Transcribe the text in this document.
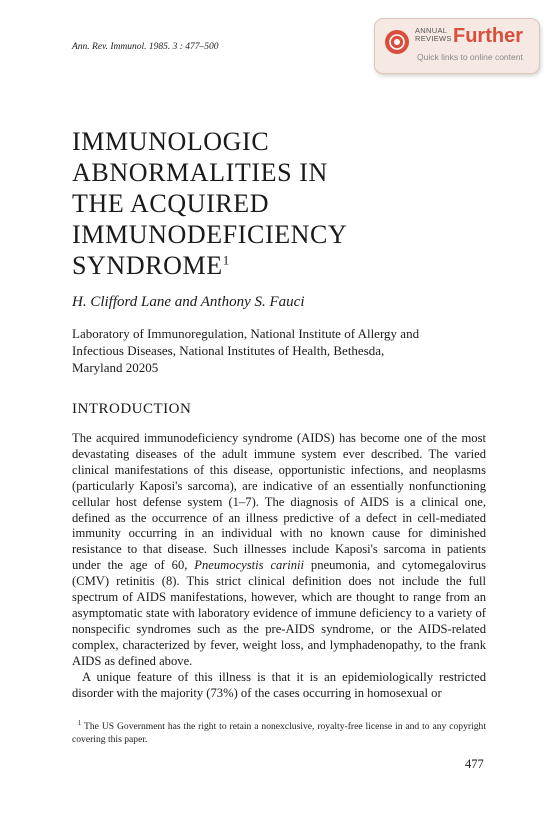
Ann. Rev. Immunol. 1985. 3 : 477–500
ANNUAL
REVIEWS Further
Quick links to online content
IMMUNOLOGIC
ABNORMALITIES IN
THE ACQUIRED
IMMUNODEFICIENCY
SYNDROME$^1$
H. Clifford Lane and Anthony S. Fauci
Laboratory of Immunoregulation, National Institute of Allergy and
Infectious Diseases, National Institutes of Health, Bethesda,
Maryland 20205
INTRODUCTION

The acquired immunodeficiency syndrome (AIDS) has become one of the most devastating diseases of the adult immune system ever described. The varied clinical manifestations of this disease, opportunistic infections, and neoplasms (particularly Kaposi's sarcoma), are indicative of an essentially nonfunctioning cellular host defense system (1–7). The diagnosis of AIDS is a clinical one, defined as the occurrence of an illness predictive of a defect in cell-mediated immunity occurring in an individual with no known cause for diminished resistance to that disease. Such illnesses include Kaposi's sarcoma in patients under the age of 60, Pneumocystis carinii pneumonia, and cytomegalovirus (CMV) retinitis (8). This strict clinical definition does not include the full spectrum of AIDS manifestations, however, which are thought to range from an asymptomatic state with laboratory evidence of immune deficiency to a variety of nonspecific syndromes such as the pre-AIDS syndrome, or the AIDS-related complex, characterized by fever, weight loss, and lymphadenopathy, to the frank AIDS as defined above.

A unique feature of this illness is that it is an epidemiologically restricted disorder with the majority (73%) of the cases occurring in homosexual or

$^1$ The US Government has the right to retain a nonexclusive, royalty-free license in and to any copyright covering this paper.
477
